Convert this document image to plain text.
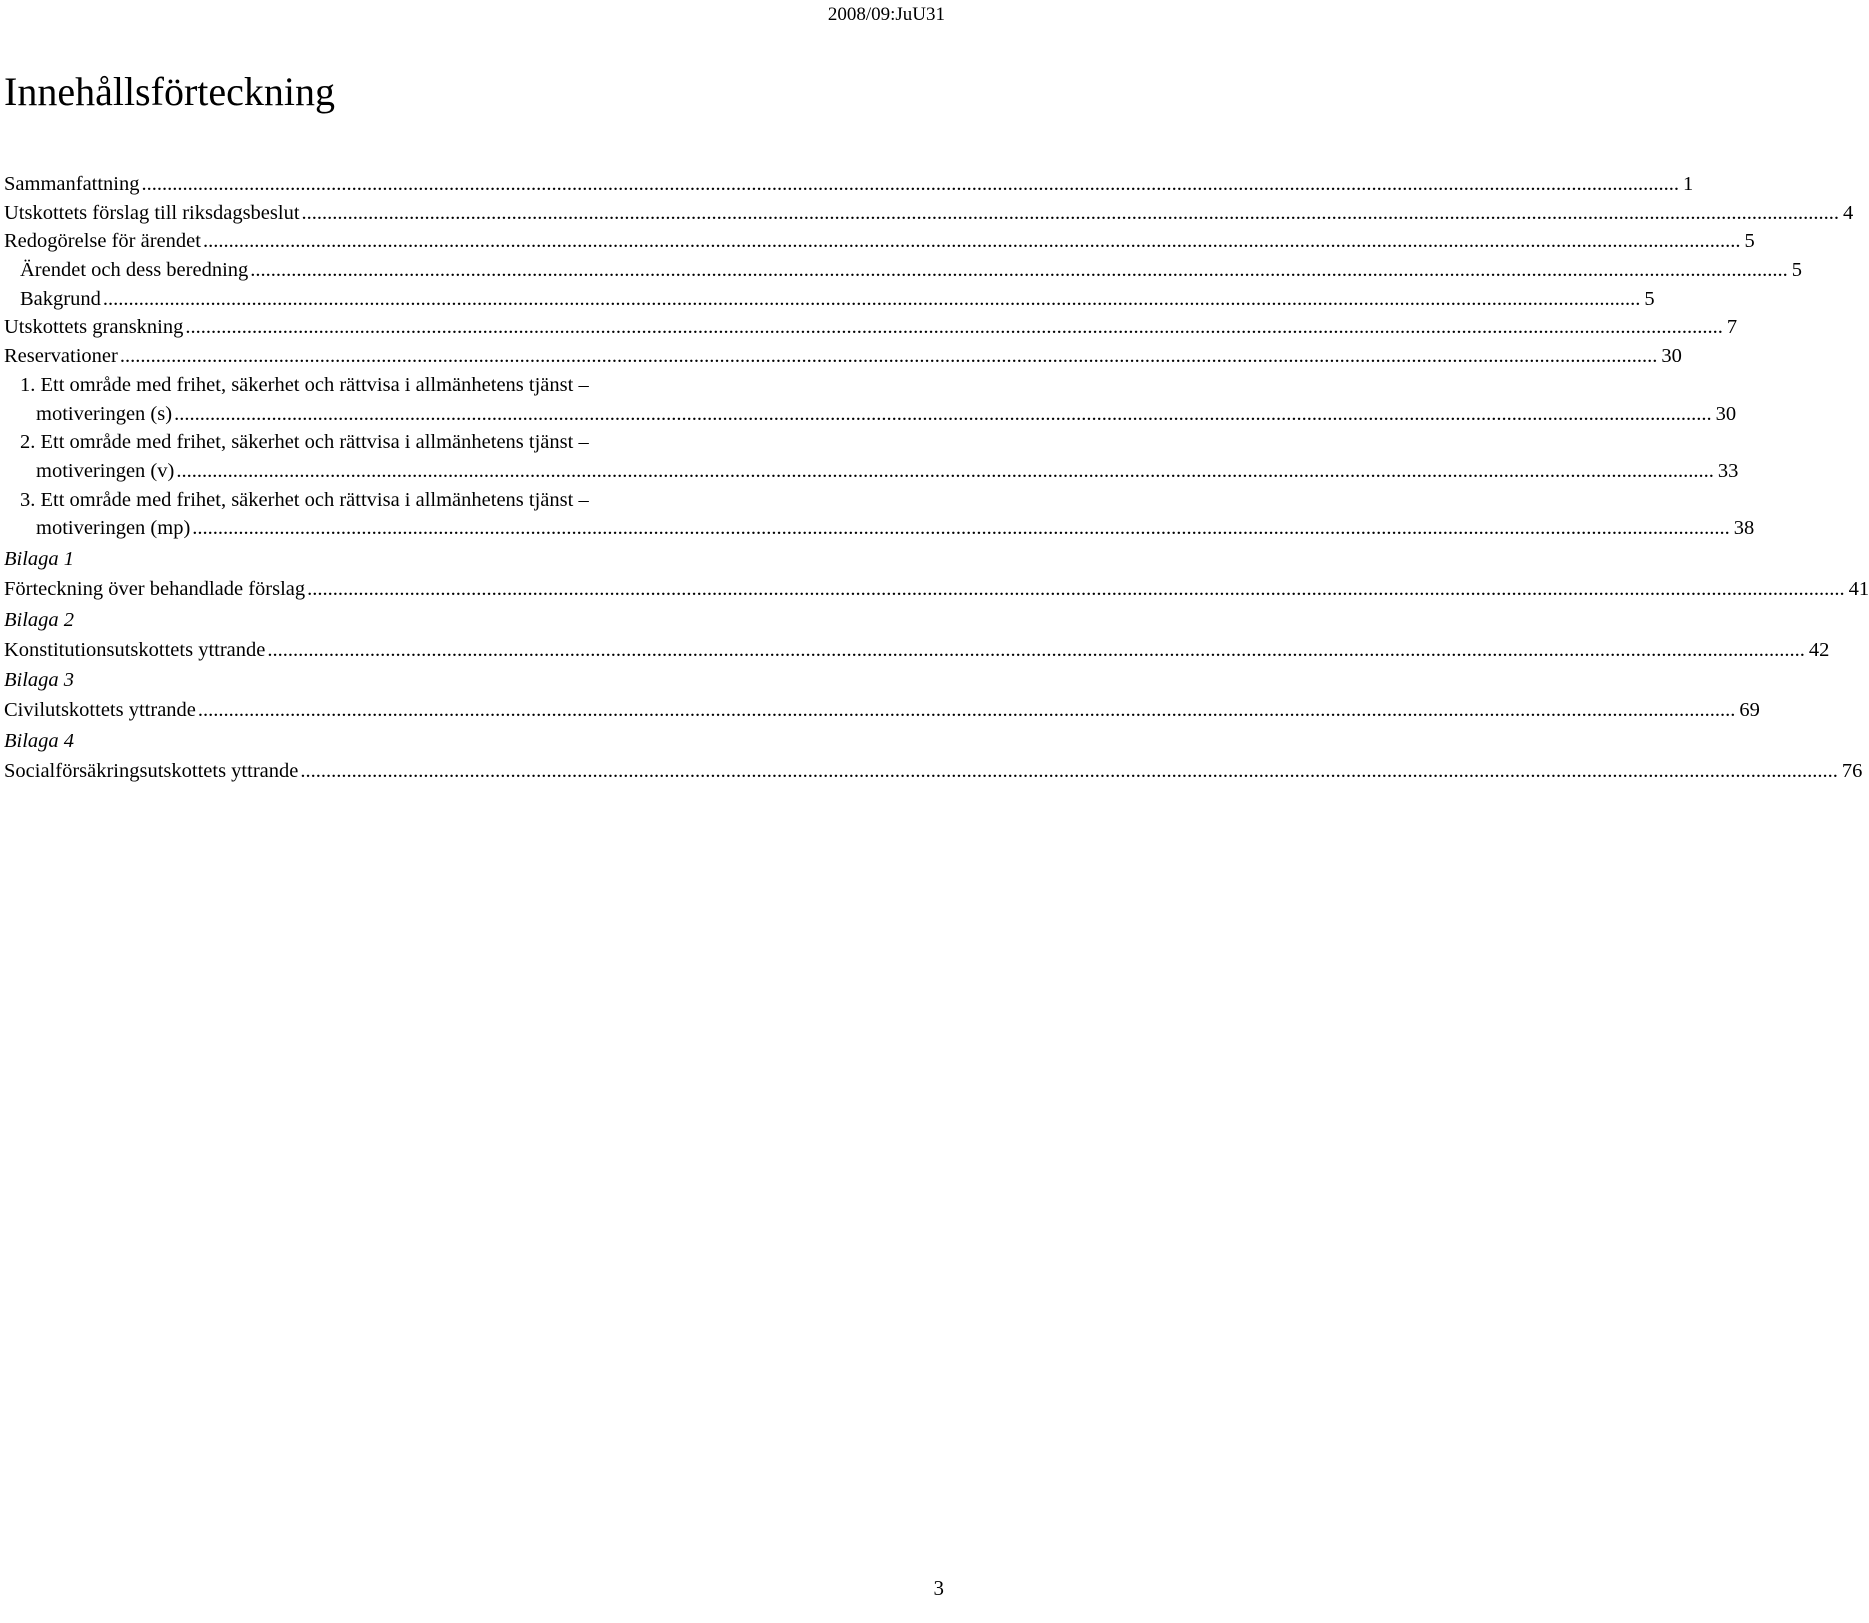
2008/09:JuU31
Innehållsförteckning
Sammanfattning ............................................................................................................................................................................................................................................................................................................ 1
Utskottets förslag till riksdagsbeslut ............................................................................................................................................................................................................................................................................................................ 4
Redogörelse för ärendet ............................................................................................................................................................................................................................................................................................................ 5
Ärendet och dess beredning ............................................................................................................................................................................................................................................................................................................ 5
Bakgrund ............................................................................................................................................................................................................................................................................................................ 5
Utskottets granskning ............................................................................................................................................................................................................................................................................................................ 7
Reservationer ............................................................................................................................................................................................................................................................................................................ 30
1. Ett område med frihet, säkerhet och rättvisa i allmänhetens tjänst –
motiveringen (s) ............................................................................................................................................................................................................................................................................................................ 30
2. Ett område med frihet, säkerhet och rättvisa i allmänhetens tjänst –
motiveringen (v) ............................................................................................................................................................................................................................................................................................................ 33
3. Ett område med frihet, säkerhet och rättvisa i allmänhetens tjänst –
motiveringen (mp) ............................................................................................................................................................................................................................................................................................................ 38
Bilaga 1
Förteckning över behandlade förslag ............................................................................................................................................................................................................................................................................................................ 41
Bilaga 2
Konstitutionsutskottets yttrande ............................................................................................................................................................................................................................................................................................................ 42
Bilaga 3
Civilutskottets yttrande ............................................................................................................................................................................................................................................................................................................ 69
Bilaga 4
Socialförsäkringsutskottets yttrande ............................................................................................................................................................................................................................................................................................................ 76
3
